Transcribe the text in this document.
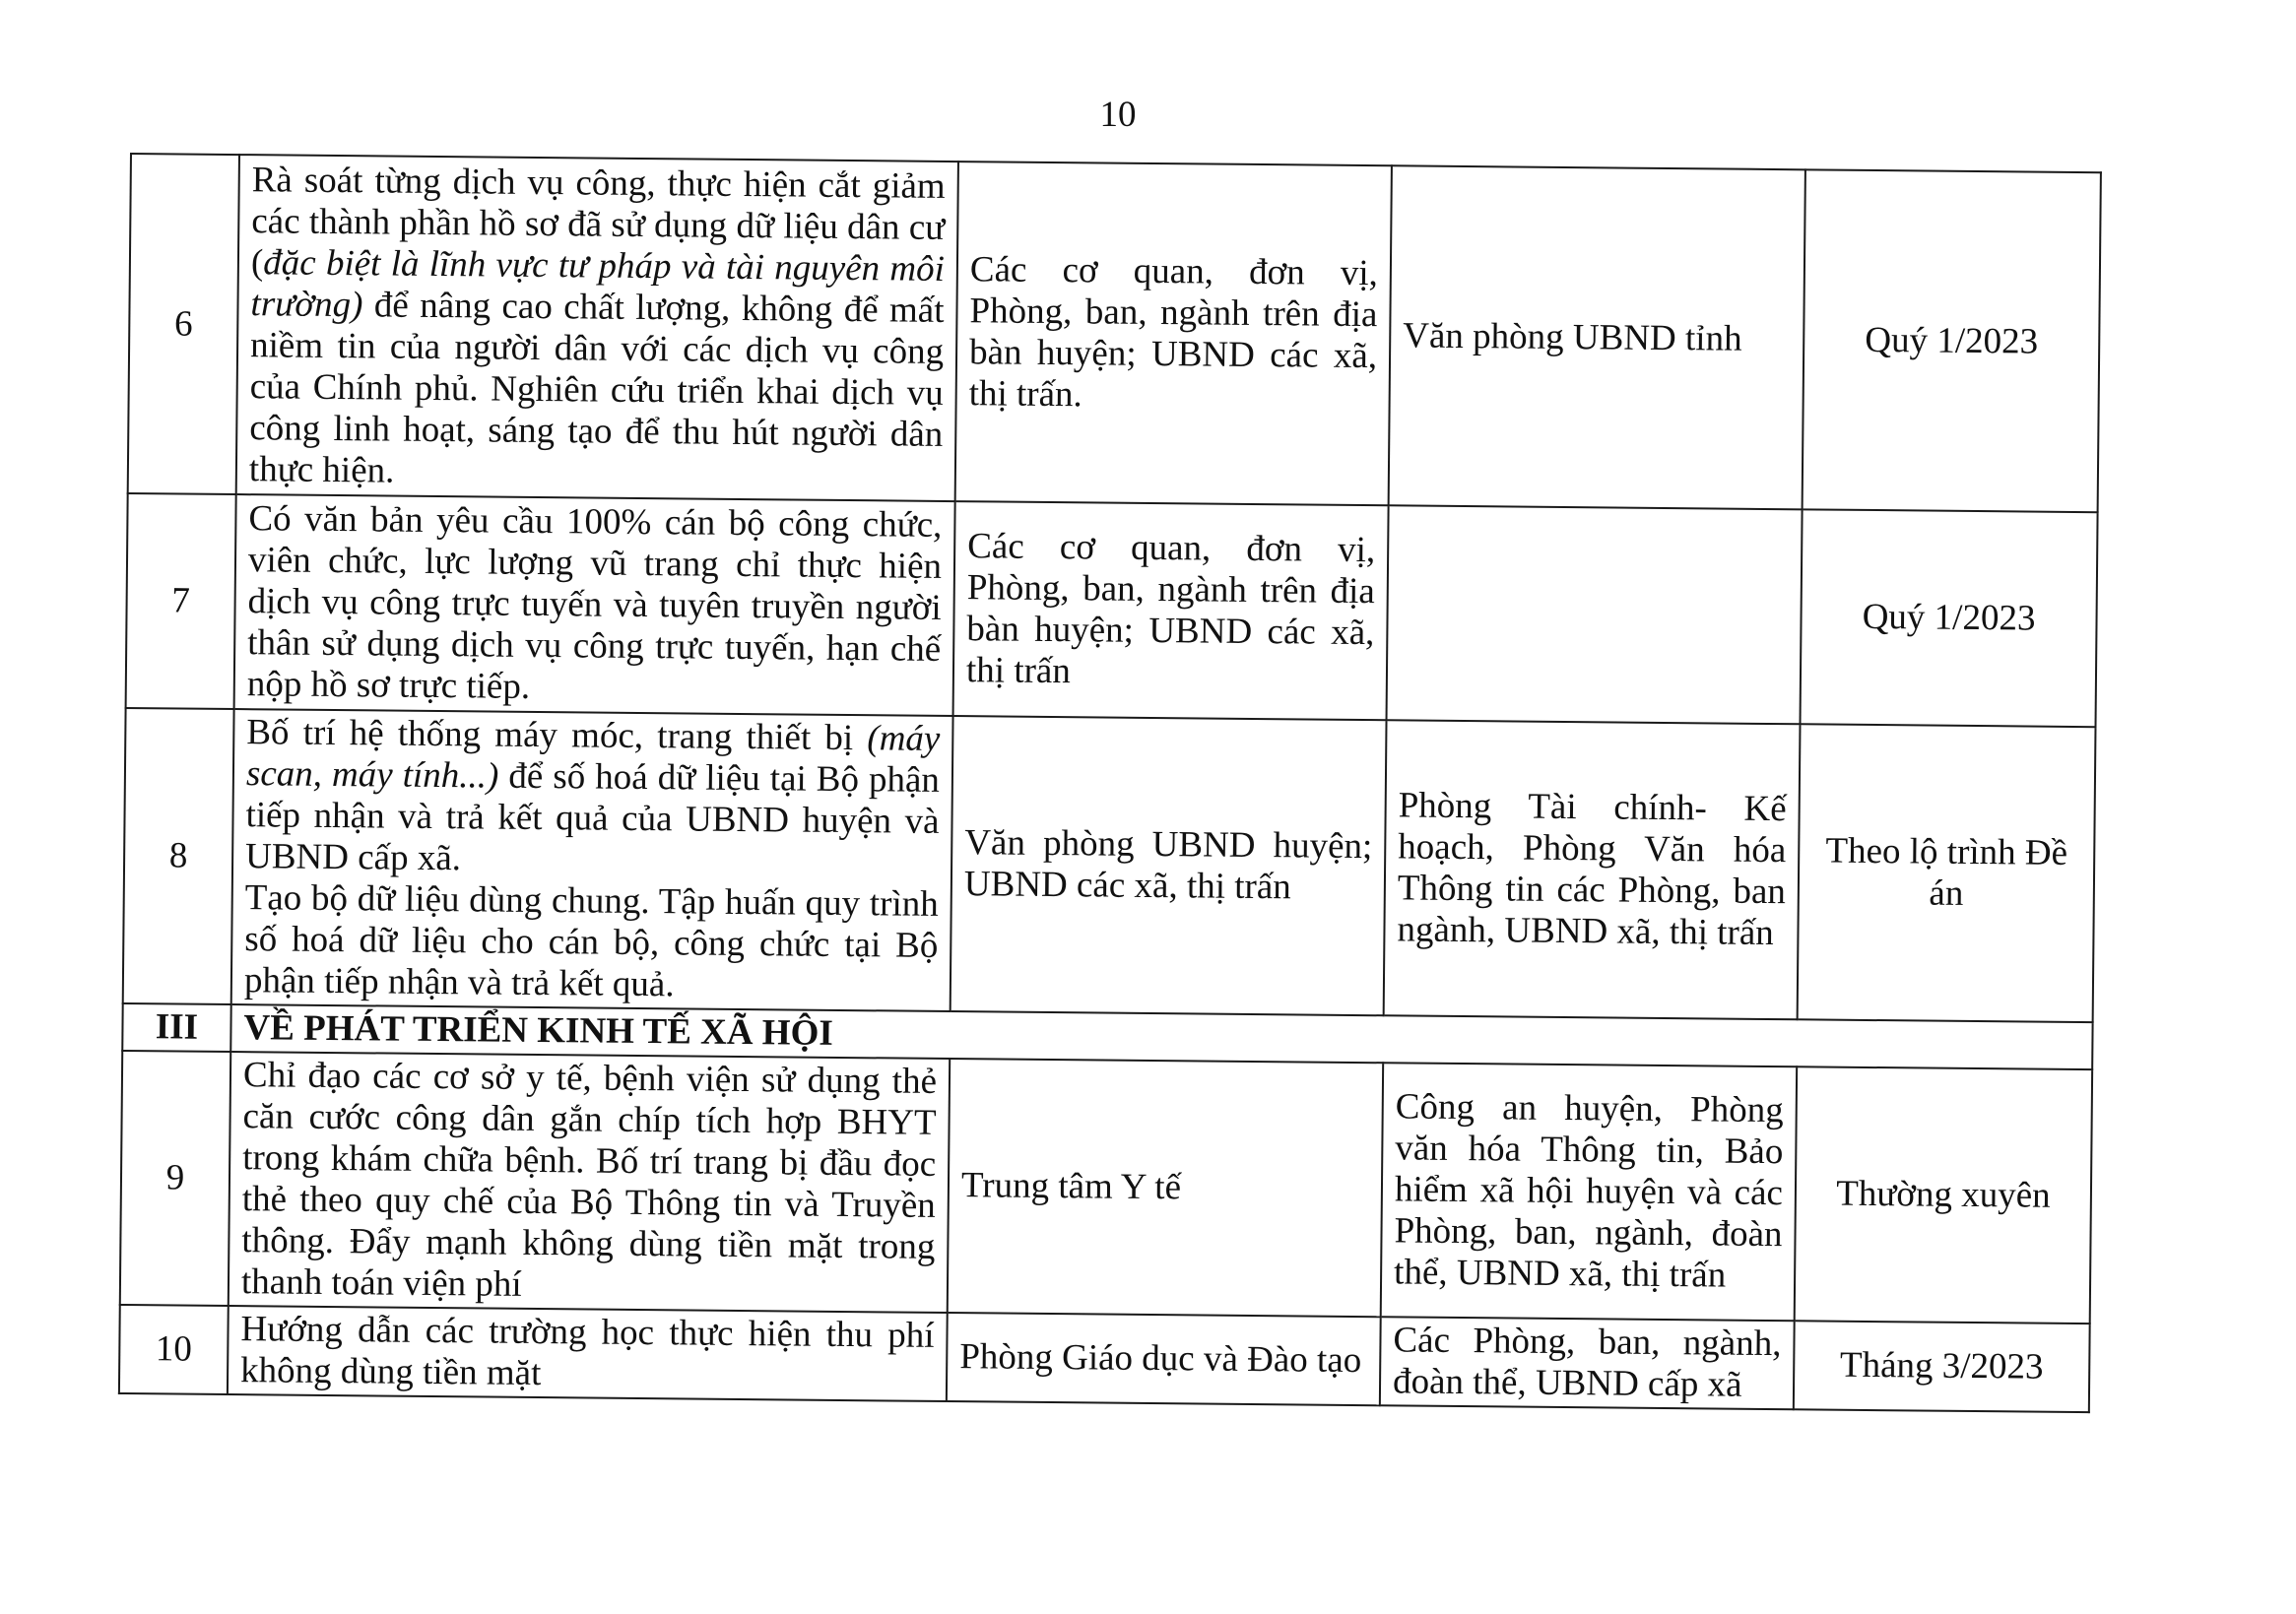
10
6	Rà soát từng dịch vụ công, thực hiện cắt giảm các thành phần hồ sơ đã sử dụng dữ liệu dân cư (đặc biệt là lĩnh vực tư pháp và tài nguyên môi trường) để nâng cao chất lượng, không để mất niềm tin của người dân với các dịch vụ công của Chính phủ. Nghiên cứu triển khai dịch vụ công linh hoạt, sáng tạo để thu hút người dân thực hiện.	Các cơ quan, đơn vị, Phòng, ban, ngành trên địa bàn huyện; UBND các xã, thị trấn.	Văn phòng UBND tỉnh	Quý 1/2023
7	Có văn bản yêu cầu 100% cán bộ công chức, viên chức, lực lượng vũ trang chỉ thực hiện dịch vụ công trực tuyến và tuyên truyền người thân sử dụng dịch vụ công trực tuyến, hạn chế nộp hồ sơ trực tiếp.	Các cơ quan, đơn vị, Phòng, ban, ngành trên địa bàn huyện; UBND các xã, thị trấn		Quý 1/2023
8	Bố trí hệ thống máy móc, trang thiết bị (máy scan, máy tính...) để số hoá dữ liệu tại Bộ phận tiếp nhận và trả kết quả của UBND huyện và UBND cấp xã.
Tạo bộ dữ liệu dùng chung. Tập huấn quy trình số hoá dữ liệu cho cán bộ, công chức tại Bộ phận tiếp nhận và trả kết quả.	Văn phòng UBND huyện; UBND các xã, thị trấn	Phòng Tài chính- Kế hoạch, Phòng Văn hóa Thông tin các Phòng, ban ngành, UBND xã, thị trấn	Theo lộ trình Đề án
III	VỀ PHÁT TRIỂN KINH TẾ XÃ HỘI			
9	Chỉ đạo các cơ sở y tế, bệnh viện sử dụng thẻ căn cước công dân gắn chíp tích hợp BHYT trong khám chữa bệnh. Bố trí trang bị đầu đọc thẻ theo quy chế của Bộ Thông tin và Truyền thông. Đẩy mạnh không dùng tiền mặt trong thanh toán viện phí	Trung tâm Y tế	Công an huyện, Phòng văn hóa Thông tin, Bảo hiểm xã hội huyện và các Phòng, ban, ngành, đoàn thể, UBND xã, thị trấn	Thường xuyên
10	Hướng dẫn các trường học thực hiện thu phí không dùng tiền mặt	Phòng Giáo dục và Đào tạo	Các Phòng, ban, ngành, đoàn thể, UBND cấp xã	Tháng 3/2023
